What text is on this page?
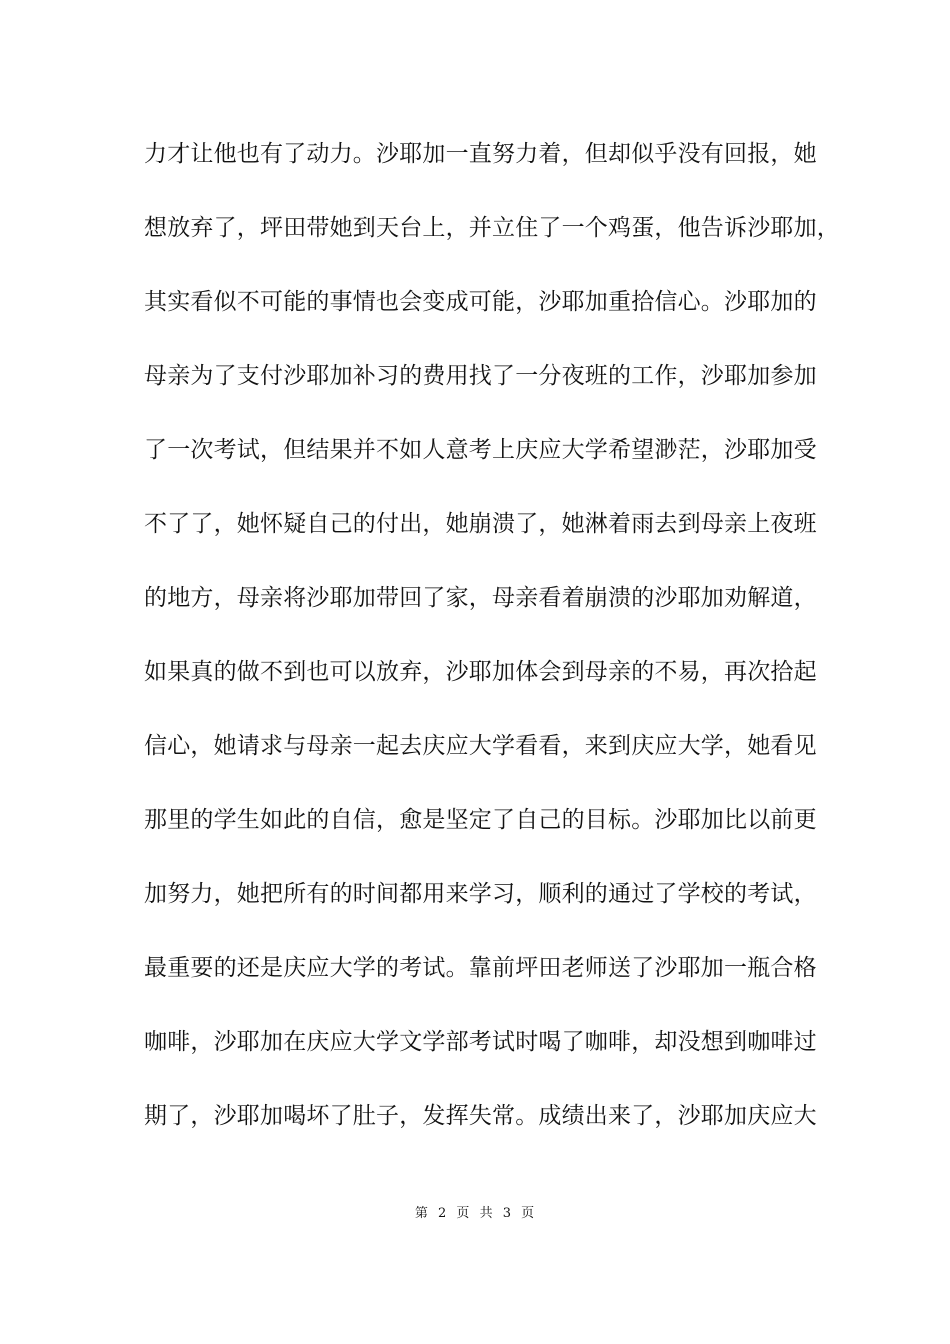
力才让他也有了动力。沙耶加一直努力着，但却似乎没有回报，她
想放弃了，坪田带她到天台上，并立住了一个鸡蛋，他告诉沙耶加，
其实看似不可能的事情也会变成可能，沙耶加重拾信心。沙耶加的
母亲为了支付沙耶加补习的费用找了一分夜班的工作，沙耶加参加
了一次考试，但结果并不如人意考上庆应大学希望渺茫，沙耶加受
不了了，她怀疑自己的付出，她崩溃了，她淋着雨去到母亲上夜班
的地方，母亲将沙耶加带回了家，母亲看着崩溃的沙耶加劝解道，
如果真的做不到也可以放弃，沙耶加体会到母亲的不易，再次拾起
信心，她请求与母亲一起去庆应大学看看，来到庆应大学，她看见
那里的学生如此的自信，愈是坚定了自己的目标。沙耶加比以前更
加努力，她把所有的时间都用来学习，顺利的通过了学校的考试，
最重要的还是庆应大学的考试。靠前坪田老师送了沙耶加一瓶合格
咖啡，沙耶加在庆应大学文学部考试时喝了咖啡，却没想到咖啡过
期了，沙耶加喝坏了肚子，发挥失常。成绩出来了，沙耶加庆应大
第 2 页 共 3 页
